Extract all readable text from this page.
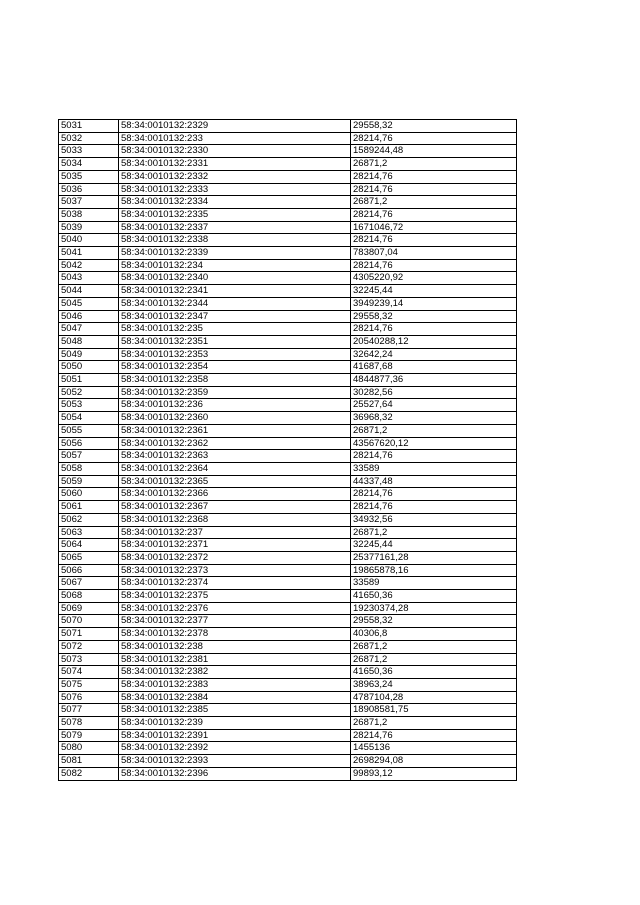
5031	58:34:0010132:2329	29558,32
5032	58:34:0010132:233	28214,76
5033	58:34:0010132:2330	1589244,48
5034	58:34:0010132:2331	26871,2
5035	58:34:0010132:2332	28214,76
5036	58:34:0010132:2333	28214,76
5037	58:34:0010132:2334	26871,2
5038	58:34:0010132:2335	28214,76
5039	58:34:0010132:2337	1671046,72
5040	58:34:0010132:2338	28214,76
5041	58:34:0010132:2339	783807,04
5042	58:34:0010132:234	28214,76
5043	58:34:0010132:2340	4305220,92
5044	58:34:0010132:2341	32245,44
5045	58:34:0010132:2344	3949239,14
5046	58:34:0010132:2347	29558,32
5047	58:34:0010132:235	28214,76
5048	58:34:0010132:2351	20540288,12
5049	58:34:0010132:2353	32642,24
5050	58:34:0010132:2354	41687,68
5051	58:34:0010132:2358	4844877,36
5052	58:34:0010132:2359	30282,56
5053	58:34:0010132:236	25527,64
5054	58:34:0010132:2360	36968,32
5055	58:34:0010132:2361	26871,2
5056	58:34:0010132:2362	43567620,12
5057	58:34:0010132:2363	28214,76
5058	58:34:0010132:2364	33589
5059	58:34:0010132:2365	44337,48
5060	58:34:0010132:2366	28214,76
5061	58:34:0010132:2367	28214,76
5062	58:34:0010132:2368	34932,56
5063	58:34:0010132:237	26871,2
5064	58:34:0010132:2371	32245,44
5065	58:34:0010132:2372	25377161,28
5066	58:34:0010132:2373	19865878,16
5067	58:34:0010132:2374	33589
5068	58:34:0010132:2375	41650,36
5069	58:34:0010132:2376	19230374,28
5070	58:34:0010132:2377	29558,32
5071	58:34:0010132:2378	40306,8
5072	58:34:0010132:238	26871,2
5073	58:34:0010132:2381	26871,2
5074	58:34:0010132:2382	41650,36
5075	58:34:0010132:2383	38963,24
5076	58:34:0010132:2384	4787104,28
5077	58:34:0010132:2385	18908581,75
5078	58:34:0010132:239	26871,2
5079	58:34:0010132:2391	28214,76
5080	58:34:0010132:2392	1455136
5081	58:34:0010132:2393	2698294,08
5082	58:34:0010132:2396	99893,12
